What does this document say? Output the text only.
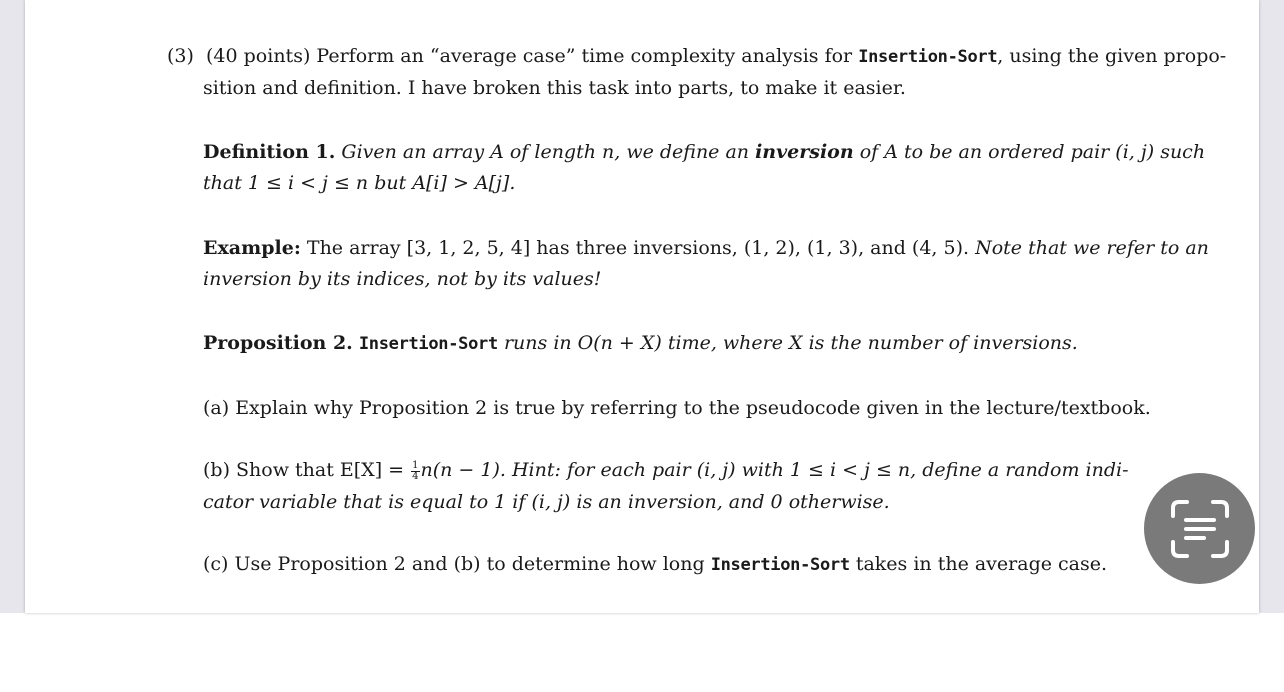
(3) (40 points) Perform an “average case” time complexity analysis for Insertion-Sort, using the given propo-
sition and definition. I have broken this task into parts, to make it easier.
Definition 1. Given an array A of length n, we define an inversion of A to be an ordered pair (i, j) such
that 1 ≤ i < j ≤ n but A[i] > A[j].
Example: The array [3, 1, 2, 5, 4] has three inversions, (1, 2), (1, 3), and (4, 5). Note that we refer to an
inversion by its indices, not by its values!
Proposition 2. Insertion-Sort runs in O(n + X) time, where X is the number of inversions.
(a) Explain why Proposition 2 is true by referring to the pseudocode given in the lecture/textbook.
(b) Show that $E[X] = \frac{1}{4} n(n - 1)$. Hint: for each pair (i, j) with 1 ≤ i < j ≤ n, define a random indi-
cator variable that is equal to 1 if (i, j) is an inversion, and 0 otherwise.
(c) Use Proposition 2 and (b) to determine how long Insertion-Sort takes in the average case.
